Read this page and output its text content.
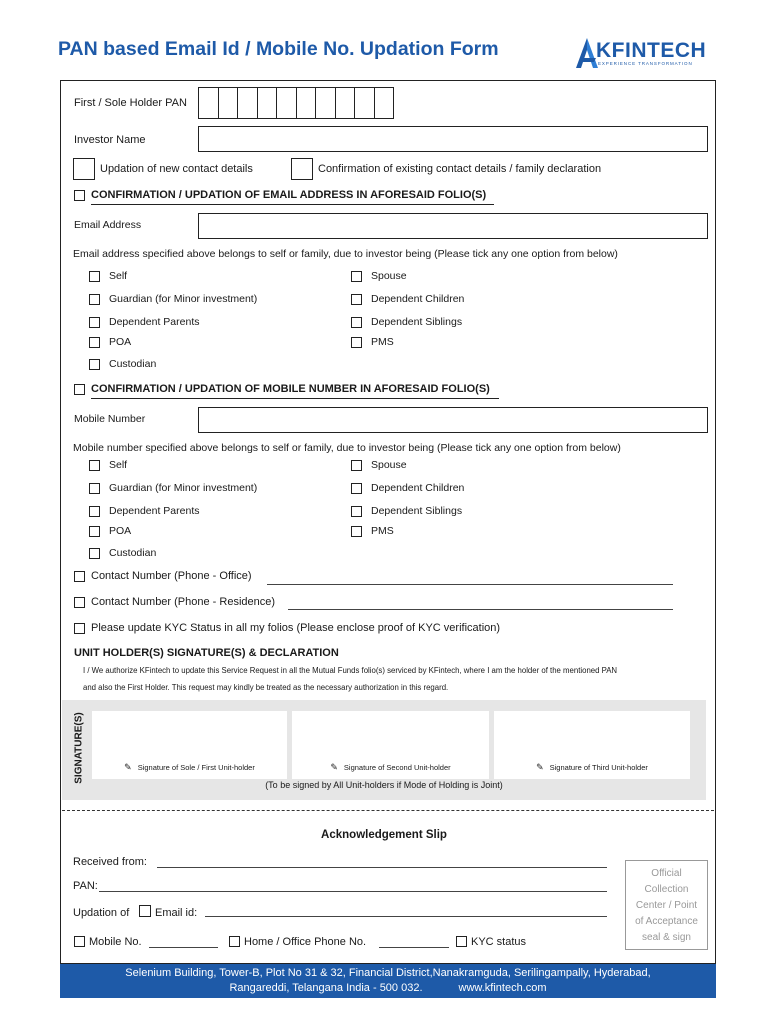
PAN based Email Id / Mobile No. Updation Form	KFINTECH
EXPERIENCE TRANSFORMATION
First / Sole Holder PAN
Investor Name
Updation of new contact details	Confirmation of existing contact details / family declaration
CONFIRMATION / UPDATION OF EMAIL ADDRESS IN AFORESAID FOLIO(S)
Email Address
Email address specified above belongs to self or family, due to investor being (Please tick any one option from below)
Self
Guardian (for Minor investment)
Dependent Parents
POA
Custodian
Spouse
Dependent Children
Dependent Siblings
PMS
CONFIRMATION / UPDATION OF MOBILE NUMBER IN AFORESAID FOLIO(S)
Mobile Number
Mobile number specified above belongs to self or family, due to investor being (Please tick any one option from below)
Self
Guardian (for Minor investment)
Dependent Parents
POA
Custodian
Spouse
Dependent Children
Dependent Siblings
PMS
Contact Number (Phone - Office)
Contact Number (Phone - Residence)
Please update KYC Status in all my folios (Please enclose proof of KYC verification)
UNIT HOLDER(S) SIGNATURE(S) & DECLARATION
I / We authorize KFintech to update this Service Request in all the Mutual Funds folio(s) serviced by KFintech, where I am the holder of the mentioned PAN
and also the First Holder. This request may kindly be treated as the necessary authorization in this regard.
SIGNATURE(S)	✎ Signature of Sole / First Unit-holder	✎ Signature of Second Unit-holder	✎ Signature of Third Unit-holder
(To be signed by All Unit-holders if Mode of Holding is Joint)
Acknowledgement Slip
Received from:
PAN:
Updation of Email id:
Mobile No.	Home / Office Phone No.	KYC status
Official
Collection
Center / Point
of Acceptance
seal & sign
Selenium Building, Tower-B, Plot No 31 & 32, Financial District,Nanakramguda, Serilingampally, Hyderabad,
Rangareddi, Telangana India - 500 032.	www.kfintech.com
